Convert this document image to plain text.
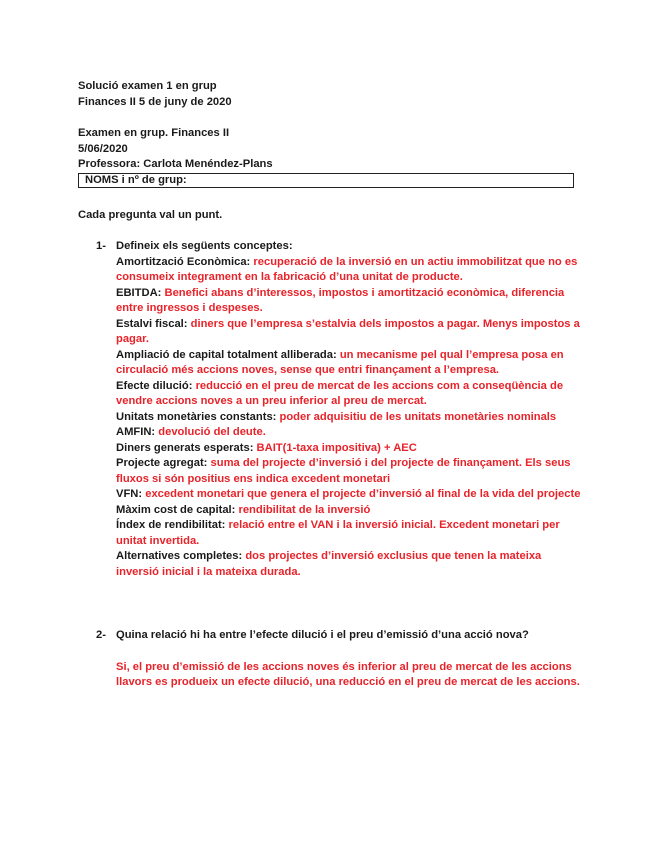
Solució examen 1 en grup
Finances II 5 de juny de 2020
Examen en grup. Finances II
5/06/2020
Professora: Carlota Menéndez-Plans
NOMS i nº de grup:
Cada pregunta val un punt.
1- Defineix els següents conceptes:

Amortització Econòmica: recuperació de la inversió en un actiu immobilitzat que no es consumeix integrament en la fabricació d’una unitat de producte.

EBITDA: Benefici abans d’interessos, impostos i amortització econòmica, diferencia entre ingressos i despeses.

Estalvi fiscal: diners que l’empresa s’estalvia dels impostos a pagar. Menys impostos a pagar.

Ampliació de capital totalment alliberada: un mecanisme pel qual l’empresa posa en circulació més accions noves, sense que entri finançament a l’empresa.

Efecte dilució: reducció en el preu de mercat de les accions com a conseqüència de vendre accions noves a un preu inferior al preu de mercat.

Unitats monetàries constants: poder adquisitiu de les unitats monetàries nominals

AMFIN: devolució del deute.

Diners generats esperats: BAIT(1-taxa impositiva) + AEC

Projecte agregat: suma del projecte d’inversió i del projecte de finançament. Els seus fluxos si són positius ens indica excedent monetari

VFN: excedent monetari que genera el projecte d’inversió al final de la vida del projecte

Màxim cost de capital: rendibilitat de la inversió

Índex de rendibilitat: relació entre el VAN i la inversió inicial. Excedent monetari per unitat invertida.

Alternatives completes: dos projectes d’inversió exclusius que tenen la mateixa inversió inicial i la mateixa durada.

2- Quina relació hi ha entre l’efecte dilució i el preu d’emissió d’una acció nova?
Si, el preu d’emissió de les accions noves és inferior al preu de mercat de les accions
llavors es produeix un efecte dilució, una reducció en el preu de mercat de les accions.
